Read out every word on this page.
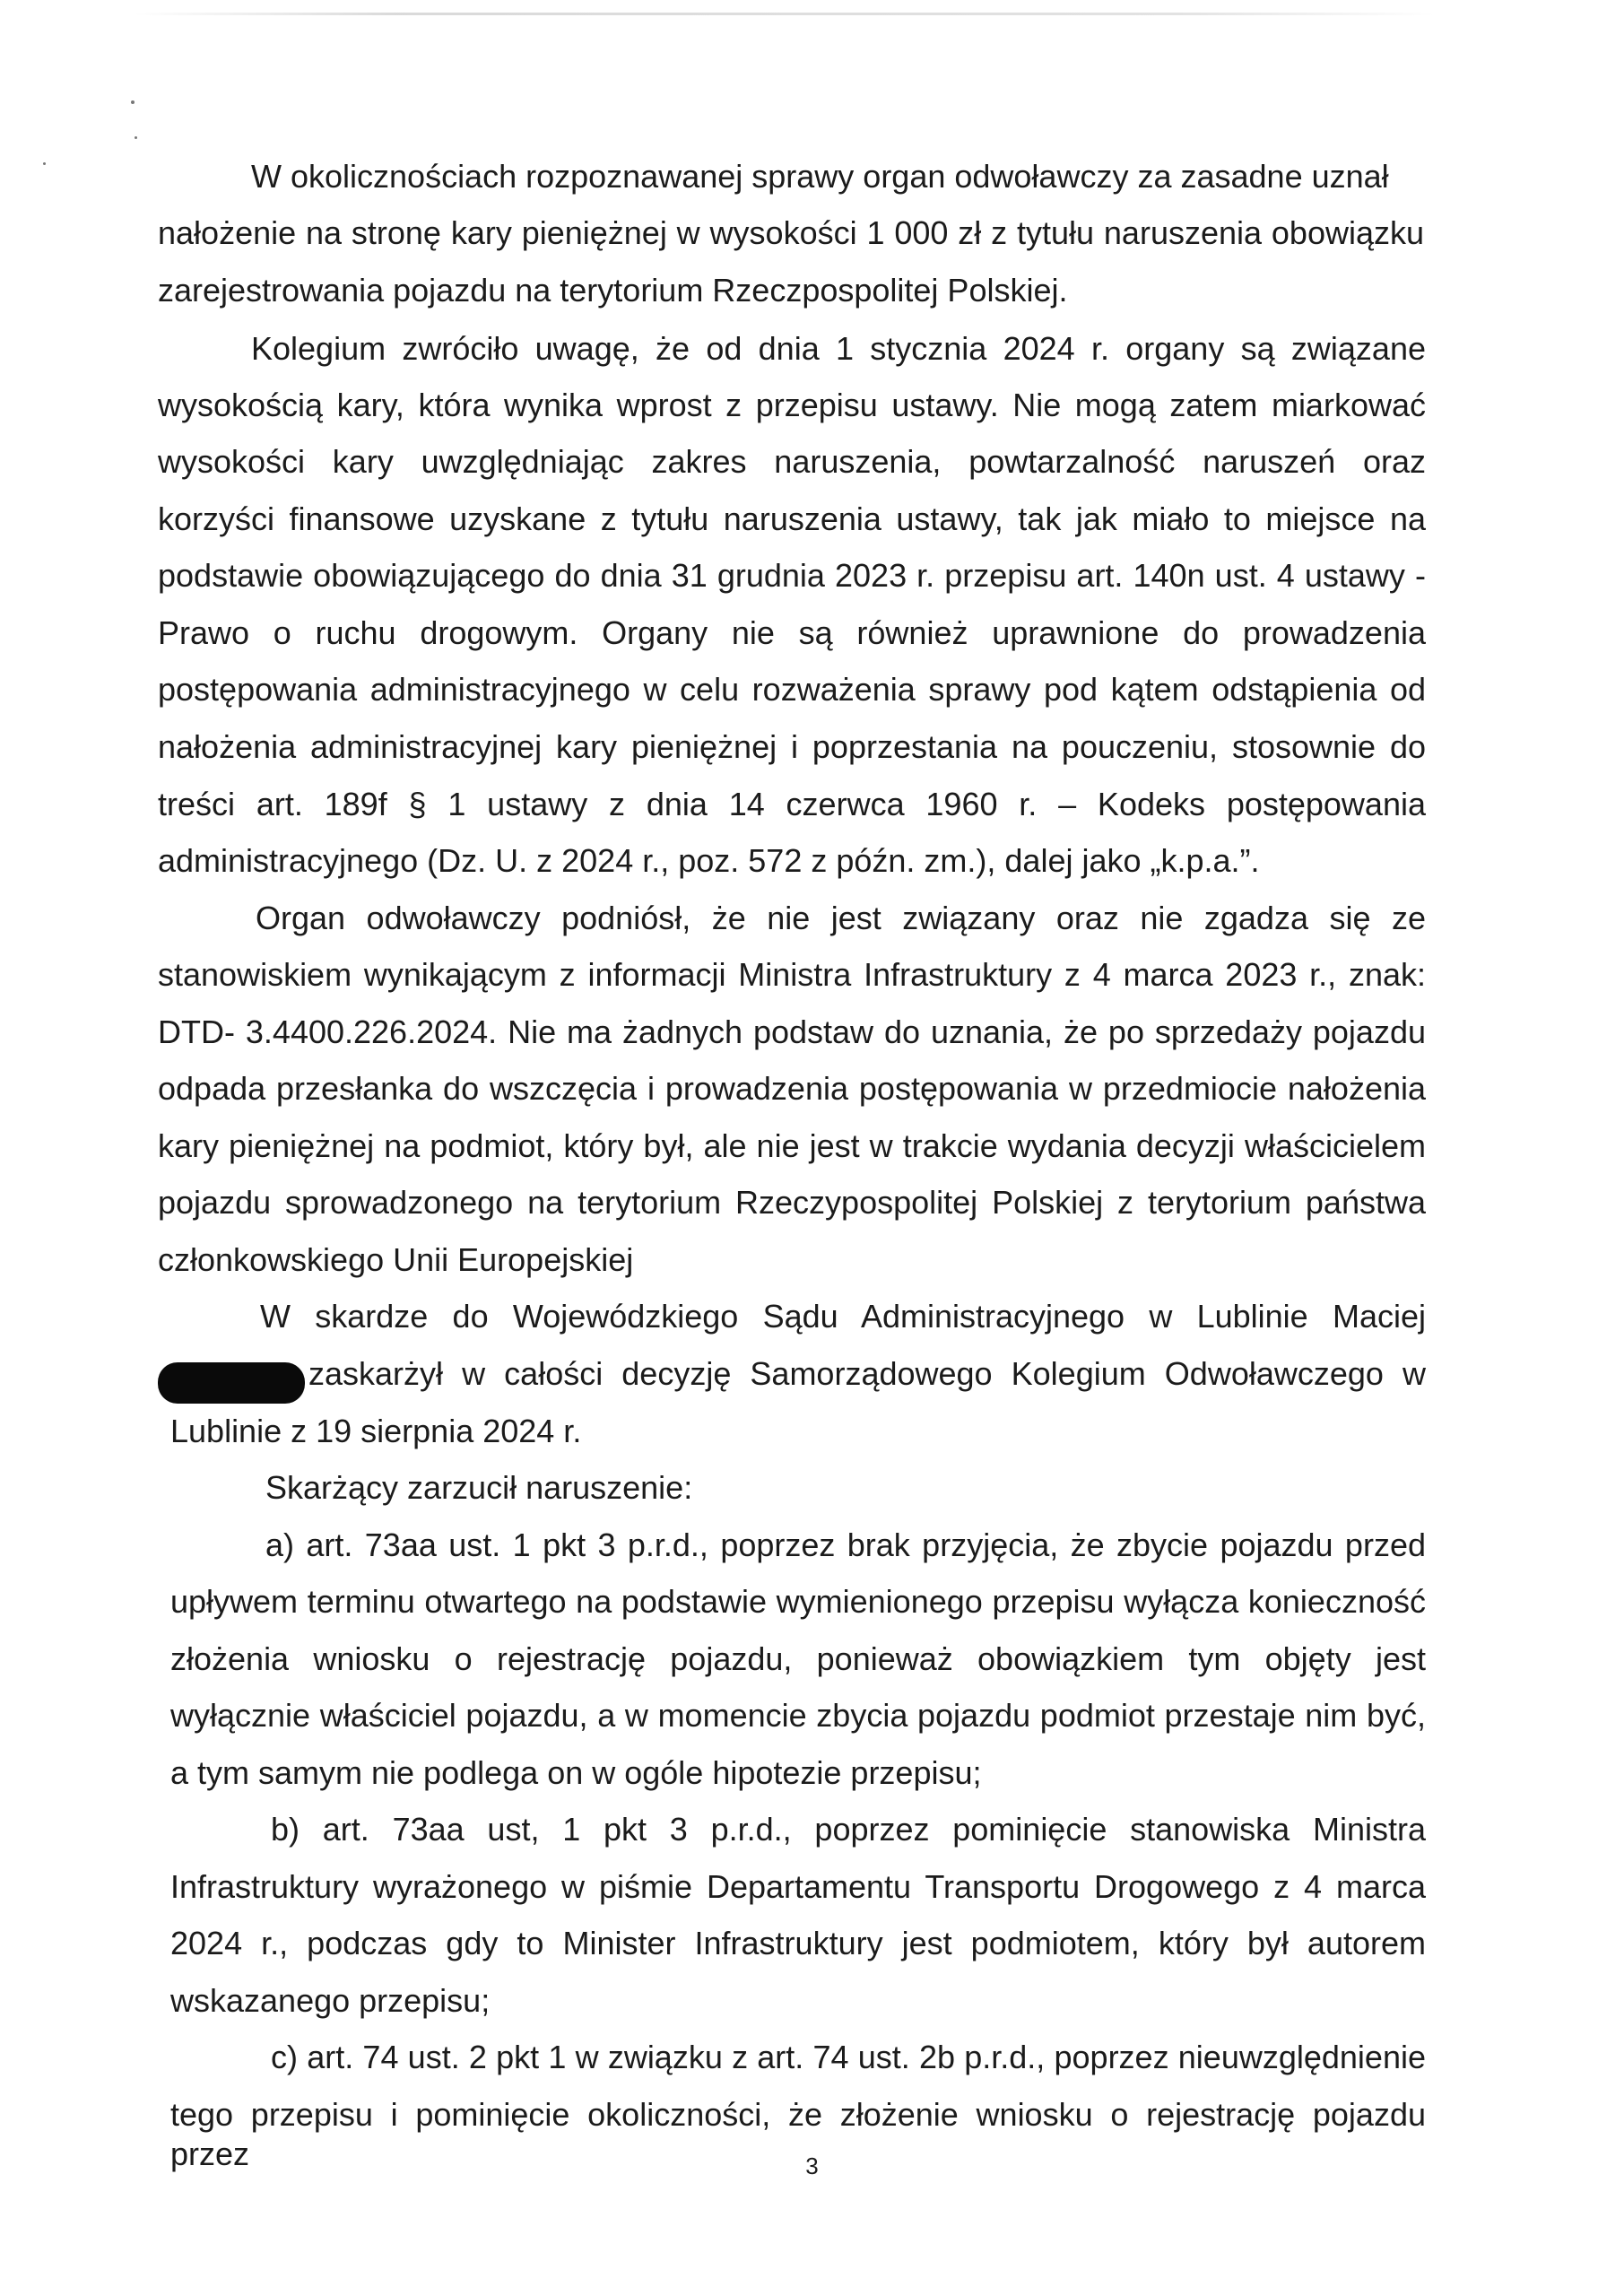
W okolicznościach rozpoznawanej sprawy organ odwoławczy za zasadne uznał
nałożenie na stronę kary pieniężnej w wysokości 1 000 zł z tytułu naruszenia obowiązku
zarejestrowania pojazdu na terytorium Rzeczpospolitej Polskiej.
Kolegium zwróciło uwagę, że od dnia 1 stycznia 2024 r. organy są związane
wysokością kary, która wynika wprost z przepisu ustawy. Nie mogą zatem miarkować
wysokości kary uwzględniając zakres naruszenia, powtarzalność naruszeń oraz
korzyści finansowe uzyskane z tytułu naruszenia ustawy, tak jak miało to miejsce na
podstawie obowiązującego do dnia 31 grudnia 2023 r. przepisu art. 140n ust. 4 ustawy -
Prawo o ruchu drogowym. Organy nie są również uprawnione do prowadzenia
postępowania administracyjnego w celu rozważenia sprawy pod kątem odstąpienia od
nałożenia administracyjnej kary pieniężnej i poprzestania na pouczeniu, stosownie do
treści art. 189f § 1 ustawy z dnia 14 czerwca 1960 r. – Kodeks postępowania
administracyjnego (Dz. U. z 2024 r., poz. 572 z późn. zm.), dalej jako „k.p.a.”.
Organ odwoławczy podniósł, że nie jest związany oraz nie zgadza się ze
stanowiskiem wynikającym z informacji Ministra Infrastruktury z 4 marca 2023 r., znak:
DTD- 3.4400.226.2024. Nie ma żadnych podstaw do uznania, że po sprzedaży pojazdu
odpada przesłanka do wszczęcia i prowadzenia postępowania w przedmiocie nałożenia
kary pieniężnej na podmiot, który był, ale nie jest w trakcie wydania decyzji właścicielem
pojazdu sprowadzonego na terytorium Rzeczypospolitej Polskiej z terytorium państwa
członkowskiego Unii Europejskiej
W skardze do Wojewódzkiego Sądu Administracyjnego w Lublinie Maciej
zaskarżył w całości decyzję Samorządowego Kolegium Odwoławczego w
Lublinie z 19 sierpnia 2024 r.
Skarżący zarzucił naruszenie:
a) art. 73aa ust. 1 pkt 3 p.r.d., poprzez brak przyjęcia, że zbycie pojazdu przed
upływem terminu otwartego na podstawie wymienionego przepisu wyłącza konieczność
złożenia wniosku o rejestrację pojazdu, ponieważ obowiązkiem tym objęty jest
wyłącznie właściciel pojazdu, a w momencie zbycia pojazdu podmiot przestaje nim być,
a tym samym nie podlega on w ogóle hipotezie przepisu;
b) art. 73aa ust, 1 pkt 3 p.r.d., poprzez pominięcie stanowiska Ministra
Infrastruktury wyrażonego w piśmie Departamentu Transportu Drogowego z 4 marca
2024 r., podczas gdy to Minister Infrastruktury jest podmiotem, który był autorem
wskazanego przepisu;
c) art. 74 ust. 2 pkt 1 w związku z art. 74 ust. 2b p.r.d., poprzez nieuwzględnienie
tego przepisu i pominięcie okoliczności, że złożenie wniosku o rejestrację pojazdu przez	3
